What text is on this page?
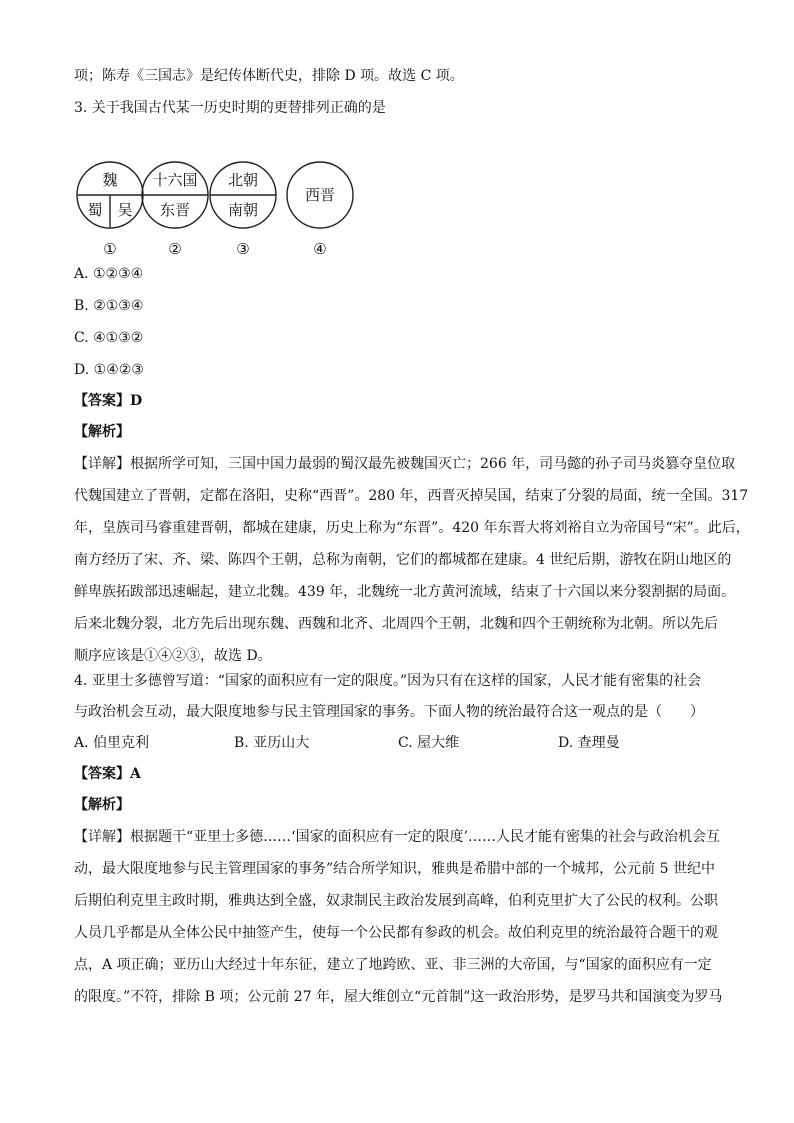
项；陈寿《三国志》是纪传体断代史，排除 D 项。故选 C 项。
3. 关于我国古代某一历史时期的更替排列正确的是
魏
蜀 吴
十六国
东晋
北朝
南朝
西晋
①	②	③	④
A. ①②③④
B. ②①③④
C. ④①③②
D. ①④②③
【答案】D
【解析】
【详解】根据所学可知，三国中国力最弱的蜀汉最先被魏国灭亡；266 年，司马懿的孙子司马炎篡夺皇位取
代魏国建立了晋朝，定都在洛阳，史称“西晋”。280 年，西晋灭掉吴国，结束了分裂的局面，统一全国。317
年，皇族司马睿重建晋朝，都城在建康，历史上称为“东晋”。420 年东晋大将刘裕自立为帝国号“宋”。此后，
南方经历了宋、齐、梁、陈四个王朝，总称为南朝，它们的都城都在建康。4 世纪后期，游牧在阴山地区的
鲜卑族拓跋部迅速崛起，建立北魏。439 年，北魏统一北方黄河流域，结束了十六国以来分裂割据的局面。
后来北魏分裂，北方先后出现东魏、西魏和北齐、北周四个王朝，北魏和四个王朝统称为北朝。所以先后
顺序应该是①④②③，故选 D。
4. 亚里士多德曾写道：“国家的面积应有一定的限度。”因为只有在这样的国家，人民才能有密集的社会
与政治机会互动，最大限度地参与民主管理国家的事务。下面人物的统治最符合这一观点的是（　　）
A. 伯里克利	B. 亚历山大	C. 屋大维	D. 查理曼
【答案】A
【解析】
【详解】根据题干“亚里士多德……‘国家的面积应有一定的限度’……人民才能有密集的社会与政治机会互
动，最大限度地参与民主管理国家的事务”结合所学知识，雅典是希腊中部的一个城邦，公元前 5 世纪中
后期伯利克里主政时期，雅典达到全盛，奴隶制民主政治发展到高峰，伯利克里扩大了公民的权利。公职
人员几乎都是从全体公民中抽签产生，使每一个公民都有参政的机会。故伯利克里的统治最符合题干的观
点，A 项正确；亚历山大经过十年东征，建立了地跨欧、亚、非三洲的大帝国，与“国家的面积应有一定
的限度。”不符，排除 B 项；公元前 27 年，屋大维创立“元首制”这一政治形势，是罗马共和国演变为罗马
